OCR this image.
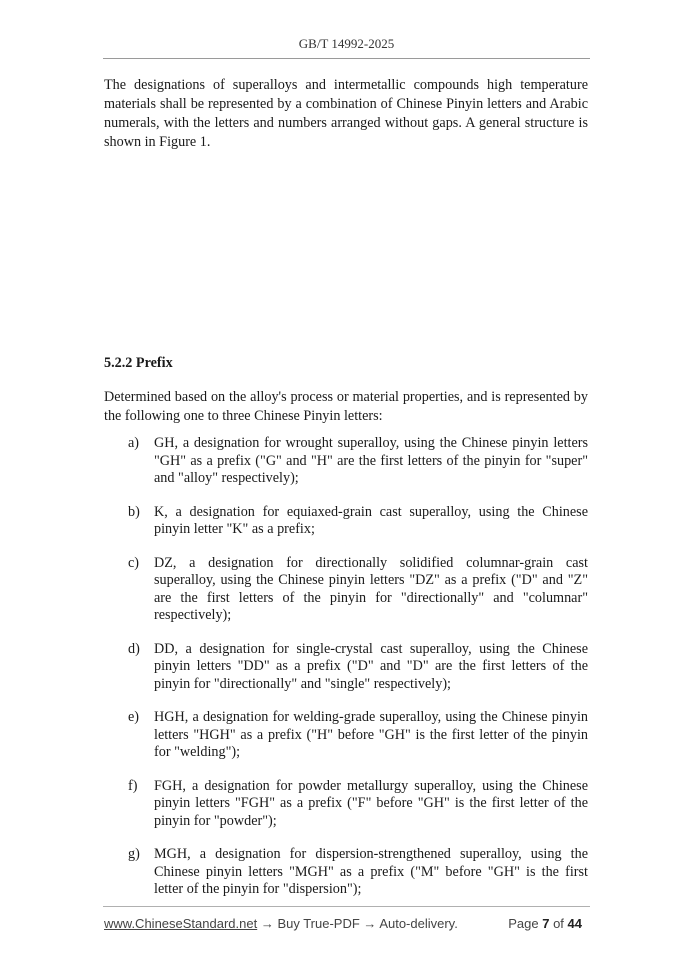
GB/T 14992-2025

The designations of superalloys and intermetallic compounds high temperature materials shall be represented by a combination of Chinese Pinyin letters and Arabic numerals, with the letters and numbers arranged without gaps. A general structure is shown in Figure 1.

5.2.2 Prefix

Determined based on the alloy's process or material properties, and is represented by the following one to three Chinese Pinyin letters:

a) GH, a designation for wrought superalloy, using the Chinese pinyin letters "GH" as a prefix ("G" and "H" are the first letters of the pinyin for "super" and "alloy" respectively);
b) K, a designation for equiaxed-grain cast superalloy, using the Chinese pinyin letter "K" as a prefix;
c) DZ, a designation for directionally solidified columnar-grain cast superalloy, using the Chinese pinyin letters "DZ" as a prefix ("D" and "Z" are the first letters of the pinyin for "directionally" and "columnar" respectively);
d) DD, a designation for single-crystal cast superalloy, using the Chinese pinyin letters "DD" as a prefix ("D" and "D" are the first letters of the pinyin for "directionally" and "single" respectively);
e) HGH, a designation for welding-grade superalloy, using the Chinese pinyin letters "HGH" as a prefix ("H" before "GH" is the first letter of the pinyin for "welding");
f) FGH, a designation for powder metallurgy superalloy, using the Chinese pinyin letters "FGH" as a prefix ("F" before "GH" is the first letter of the pinyin for "powder");
g) MGH, a designation for dispersion-strengthened superalloy, using the Chinese pinyin letters "MGH" as a prefix ("M" before "GH" is the first letter of the pinyin for "dispersion");
www.ChineseStandard.net → Buy True-PDF → Auto-delivery.	Page 7 of 44
